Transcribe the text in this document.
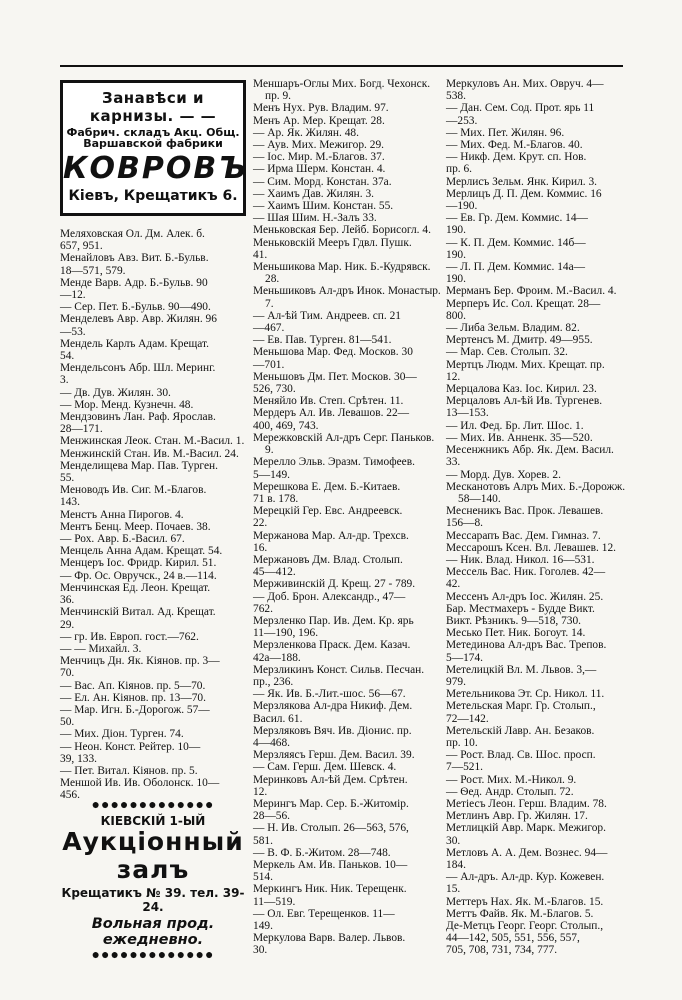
Занавѣси и карнизы. — —
Фабрич. складъ Акц. Общ. Варшавской фабрики
КОВРОВЪ
Кіевъ, Крещатикъ 6.
Меляховская Ол. Дм. Алек. б.
657, 951.
Менайловъ Авз. Вит. Б.-Бульв.
18—571, 579.
Менде Варв. Адр. Б.-Бульв. 90
—12.
— Сер. Пет. Б.-Бульв. 90—490.
Менделевъ Авр. Авр. Жилян. 96
—53.
Мендель Карлъ Адам. Крещат.
54.
Мендельсонъ Абр. Шл. Меринг.
3.
— Дв. Дув. Жилян. 30.
— Мор. Менд. Кузнечн. 48.
Мендзовинъ Лан. Раф. Ярослав.
28—171.
Менжинская Леок. Стан. М.-Васил. 1.
Менжинскій Стан. Ив. М.-Васил. 24.
Менделищева Мар. Пав. Турген.
55.
Меноводъ Ив. Сиг. М.-Благов.
143.
Менстъ Анна Пирогов. 4.
Ментъ Бенц. Меер. Почаев. 38.
— Рох. Авр. Б.-Васил. 67.
Менцель Анна Адам. Крещат. 54.
Менцеръ Іос. Фридр. Кирил. 51.
— Фр. Ос. Овручск., 24 в.—114.
Менчинская Ед. Леон. Крещат.
36.
Менчинскій Витал. Ад. Крещат.
29.
— гр. Ив. Европ. гост.—762.
— — Михайл. 3.
Менчицъ Дн. Як. Кіянов. пр. 3—
70.
— Вас. Ап. Кіянов. пр. 5—70.
— Ел. Ан. Кіянов. пр. 13—70.
— Мар. Игн. Б.-Дорогож. 57—
50.
— Мих. Діон. Турген. 74.
— Неон. Конст. Рейтер. 10—
39, 133.
— Пет. Витал. Кіянов. пр. 5.
Меншой Ив. Ив. Оболонск. 10—
456.
Меншаръ-Оглы Мих. Богд. Чехонск. пр. 9.
Менъ Нух. Рув. Владим. 97.
Менъ Ар. Мер. Крещат. 28.
— Ар. Як. Жилян. 48.
— Аув. Мих. Межигор. 29.
— Іос. Мир. М.-Благов. 37.
— Ирма Шерм. Констан. 4.
— Сим. Морд. Констан. 37а.
— Хаимъ Дав. Жилян. 3.
— Хаимъ Шим. Констан. 55.
— Шая Шим. Н.-Залъ 33.
Меньковская Бер. Лейб. Борисогл. 4.
Меньковскій Мееръ Гдвл. Пушк.
41.
Меньшикова Мар. Ник. Б.-Кудрявск. 28.
Меньшиковъ Ал-дръ Инок. Монастыр. 7.
— Ал-ѣй Тим. Андреев. сп. 21
—467.
— Ев. Пав. Турген. 81—541.
Меньшова Мар. Фед. Москов. 30
—701.
Меньшовъ Дм. Пет. Москов. 30—
526, 730.
Меняйло Ив. Степ. Срѣтен. 11.
Мердеръ Ал. Ив. Левашов. 22—
400, 469, 743.
Мережковскій Ал-дръ Серг. Паньков. 9.
Мерелло Эльв. Эразм. Тимофеев.
5—149.
Мерешкова Е. Дем. Б.-Китаев.
71 в. 178.
Мерецкій Гер. Евс. Андреевск.
22.
Мержанова Мар. Ал-др. Трехсв.
16.
Мержановъ Дм. Влад. Столып.
45—412.
Мерживинскій Д. Крещ. 27 - 789.
— Доб. Брон. Александр., 47—
762.
Мерзленко Пар. Ив. Дем. Кр. ярь
11—190, 196.
Мерзленкова Праск. Дем. Казач.
42а—188.
Мерзликинъ Конст. Сильв. Песчан.
пр., 236.
— Як. Ив. Б.-Лит.-шос. 56—67.
Мерзлякова Ал-дра Никиф. Дем.
Васил. 61.
Мерзляковъ Вяч. Ив. Діонис. пр.
4—468.
Мерзляясъ Герш. Дем. Васил. 39.
— Сам. Герш. Дем. Шевск. 4.
Меринковъ Ал-ѣй Дем. Срѣтен.
12.
Мерингъ Мар. Сер. Б.-Житомір.
28—56.
— Н. Ив. Столып. 26—563, 576,
581.
— В. Ф. Б.-Житом. 28—748.
Меркель Ам. Ив. Паньков. 10—
514.
Меркингъ Ник. Ник. Терещенк.
11—519.
— Ол. Евг. Терещенков. 11—
149.
Меркулова Варв. Валер. Львов.
30.
Меркуловъ Ан. Мих. Овруч. 4—
538.
— Дан. Сем. Сод. Прот. ярь 11
—253.
— Мих. Пет. Жилян. 96.
— Мих. Фед. М.-Благов. 40.
— Никф. Дем. Крут. сп. Нов.
пр. 6.
Мерлисъ Зельм. Янк. Кирил. 3.
Мерлицъ Д. П. Дем. Коммис. 16
—190.
— Ев. Гр. Дем. Коммис. 14—
190.
— К. П. Дем. Коммис. 14б—
190.
— Л. П. Дем. Коммис. 14а—
190.
Мерманъ Бер. Фроим. М.-Васил. 4.
Мерперъ Ис. Сол. Крещат. 28—
800.
— Либа Зельм. Владим. 82.
Мертенсъ М. Дмитр. 49—955.
— Мар. Сев. Столып. 32.
Мертцъ Людм. Мих. Крещат. пр.
12.
Мерцалова Каз. Іос. Кирил. 23.
Мерцаловъ Ал-ѣй Ив. Тургенев.
13—153.
— Ил. Фед. Бр. Лит. Шос. 1.
— Мих. Ив. Анненк. 35—520.
Месенжникъ Абр. Як. Дем. Васил.
33.
— Морд. Дув. Хорев. 2.
Месканотовъ Алръ Мих. Б.-Дорожж. 58—140.
Месненикъ Вас. Прок. Левашев.
156—8.
Мессарапъ Вас. Дем. Гимназ. 7.
Мессарошъ Ксен. Вл. Левашев. 12.
— Ник. Влад. Никол. 16—531.
Мессель Вас. Ник. Гоголев. 42—
42.
Мессенъ Ал-дръ Іос. Жилян. 25.
Бар. Местмахеръ - Будде Викт.
Викт. Рѣзникъ. 9—518, 730.
Месько Пет. Ник. Богоут. 14.
Метединова Ал-дръ Вас. Трепов.
5—174.
Метелицкій Вл. М. Львов. 3,—
979.
Метельникова Эт. Ср. Никол. 11.
Метельская Марг. Гр. Столып.,
72—142.
Метельскій Лавр. Ан. Безаков.
пр. 10.
— Рост. Влад. Св. Шос. просп.
7—521.
— Рост. Мих. М.-Никол. 9.
— Ѳед. Андр. Столып. 72.
Метіесъ Леон. Герш. Владим. 78.
Метлинъ Авр. Гр. Жилян. 17.
Метлицкій Авр. Марк. Межигор.
30.
Метловъ А. А. Дем. Вознес. 94—
184.
— Ал-дръ. Ал-др. Кур. Кожевен.
15.
Меттеръ Нах. Як. М.-Благов. 15.
Меттъ Файв. Як. М.-Благов. 5.
Де-Метцъ Георг. Георг. Столып.,
44—142, 505, 551, 556, 557,
705, 708, 731, 734, 777.
●●●●●●●●●●●●●
КІЕВСКІЙ 1-ЫЙ
Аукціонный залъ
Крещатикъ № 39. тел. 39-24.
Вольная прод. ежедневно.
●●●●●●●●●●●●●
